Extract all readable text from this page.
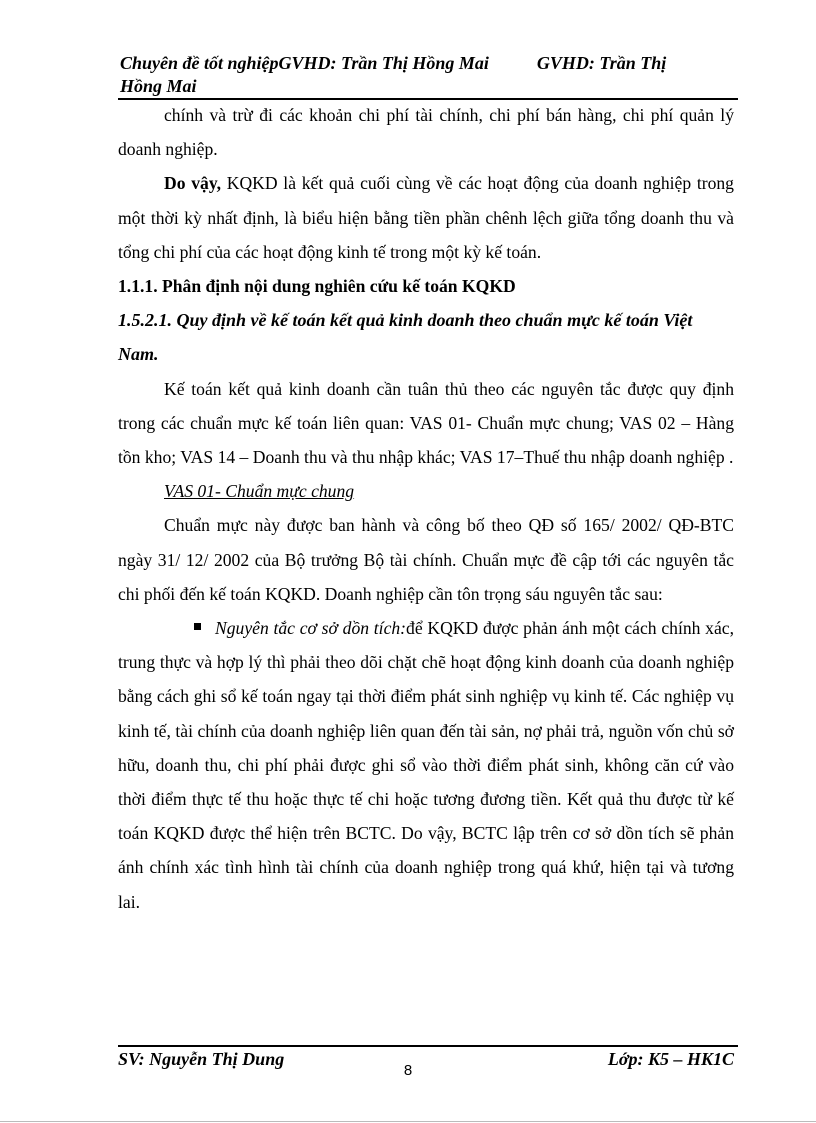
Chuyên đề tốt nghiệpGVHD: Trần Thị Hồng Mai	GVHD: Trần Thị
Hồng Mai

chính và trừ đi các khoản chi phí tài chính, chi phí bán hàng, chi phí quản lý doanh nghiệp.

Do vậy, KQKD là kết quả cuối cùng về các hoạt động của doanh nghiệp trong một thời kỳ nhất định, là biểu hiện bằng tiền phần chênh lệch giữa tổng doanh thu và tổng chi phí của các hoạt động kinh tế trong một kỳ kế toán.

1.1.1. Phân định nội dung nghiên cứu kế toán KQKD

1.5.2.1. Quy định về kế toán kết quả kinh doanh theo chuẩn mực kế toán Việt Nam.

Kế toán kết quả kinh doanh cần tuân thủ theo các nguyên tắc được quy định trong các chuẩn mực kế toán liên quan: VAS 01- Chuẩn mực chung; VAS 02 – Hàng tồn kho; VAS 14 – Doanh thu và thu nhập khác; VAS 17–Thuế thu nhập doanh nghiệp .

VAS 01- Chuẩn mực chung

Chuẩn mực này được ban hành và công bố theo QĐ số 165/ 2002/ QĐ-BTC ngày 31/ 12/ 2002 của Bộ trưởng Bộ tài chính. Chuẩn mực đề cập tới các nguyên tắc chi phối đến kế toán KQKD. Doanh nghiệp cần tôn trọng sáu nguyên tắc sau:

Nguyên tắc cơ sở dồn tích:để KQKD được phản ánh một cách chính xác, trung thực và hợp lý thì phải theo dõi chặt chẽ hoạt động kinh doanh của doanh nghiệp bằng cách ghi sổ kế toán ngay tại thời điểm phát sinh nghiệp vụ kinh tế. Các nghiệp vụ kinh tế, tài chính của doanh nghiệp liên quan đến tài sản, nợ phải trả, nguồn vốn chủ sở hữu, doanh thu, chi phí phải được ghi sổ vào thời điểm phát sinh, không căn cứ vào thời điểm thực tế thu hoặc thực tế chi hoặc tương đương tiền. Kết quả thu được từ kế toán KQKD được thể hiện trên BCTC. Do vậy, BCTC lập trên cơ sở dồn tích sẽ phản ánh chính xác tình hình tài chính của doanh nghiệp trong quá khứ, hiện tại và tương lai.

SV: Nguyễn Thị Dung	Lớp: K5 – HK1C
8
